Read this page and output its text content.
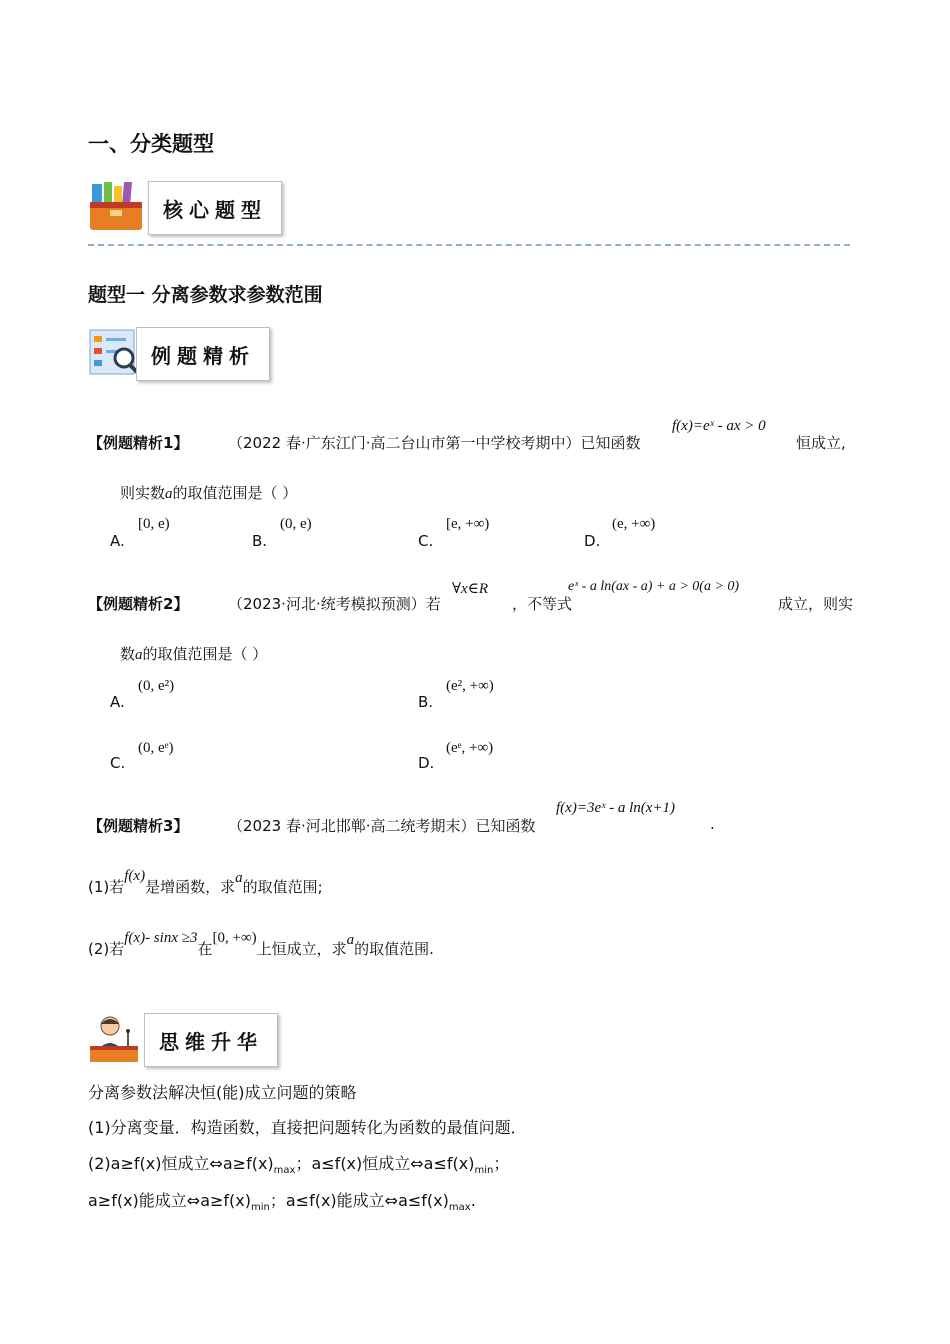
一、分类题型
核心题型
题型一 分离参数求参数范围
例题精析
【例题精析1】	（2022 春·广东江门·高二台山市第一中学校考期中）已知函数
f(x)=eˣ - ax > 0
恒成立,
则实数a的取值范围是（ ）
A.
[0, e)
B.
(0, e)
C.
[e, +∞)
D.
(e, +∞)
【例题精析2】	（2023·河北·统考模拟预测）若
∀x∈R
，不等式
eˣ - a ln(ax - a) + a > 0(a > 0)
成立，则实
数a的取值范围是（ ）
A.
(0, e²)
B.
(e², +∞)
C.
(0, eᵉ)
D.
(eᵉ, +∞)
【例题精析3】	（2023 春·河北邯郸·高二统考期末）已知函数
f(x)=3eˣ - a ln(x+1)
.
(1)若f(x)是增函数，求a的取值范围;
(2)若f(x)- sinx ≥3在[0, +∞)上恒成立，求a的取值范围.
思维升华
分离参数法解决恒(能)成立问题的策略
(1)分离变量．构造函数，直接把问题转化为函数的最值问题．
(2)a≥f(x)恒成立$\Leftrightarrow a\ge f(x)_{max}$；a≤f(x)恒成立$\Leftrightarrow a\le f(x)_{min}$；
a≥f(x)能成立$\Leftrightarrow a\ge f(x)_{min}$；a≤f(x)能成立$\Leftrightarrow a\le f(x)_{max}$.
